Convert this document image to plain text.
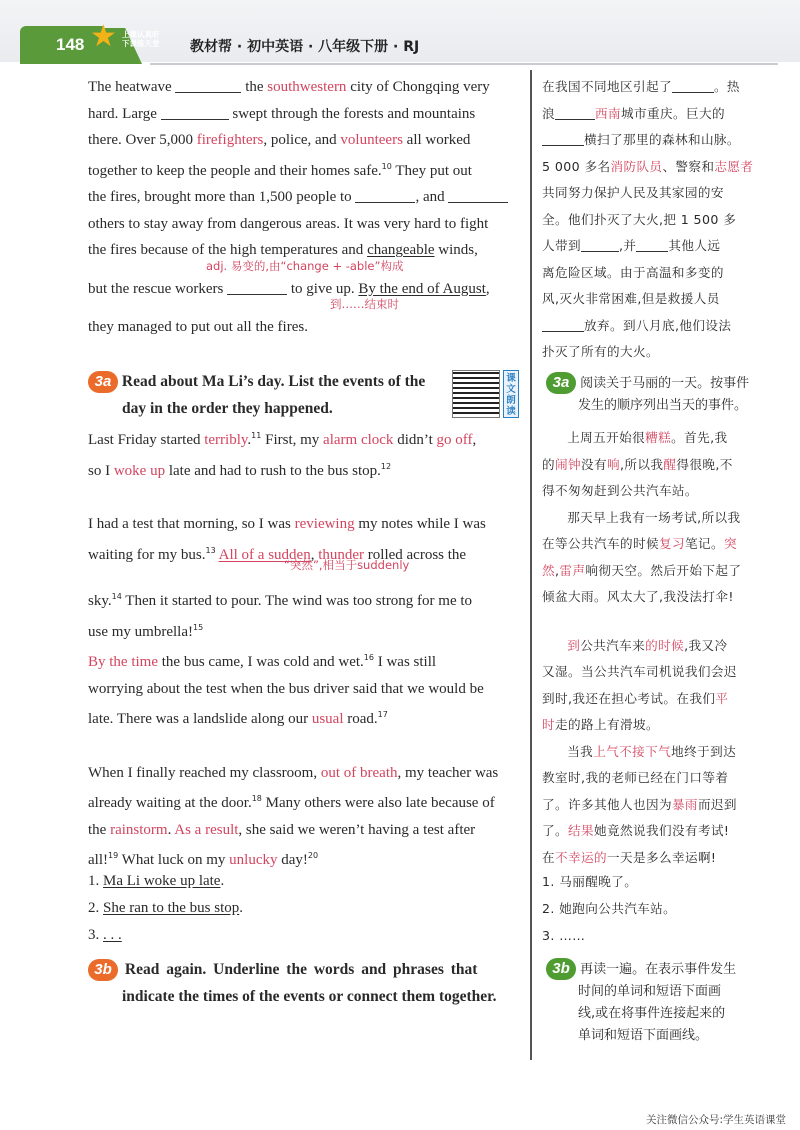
148 ★ 上课认真听
下课练天堂 教材帮 · 初中英语 · 八年级下册 · RJ

The heatwave	the southwestern city of Chongqing very

hard. Large	swept through the forests and mountains

there. Over 5,000 firefighters, police, and volunteers all worked

together to keep the people and their homes safe.$^{10}$ They put out

the fires, brought more than 1,500 people to	, and

others to stay away from dangerous areas. It was very hard to fight

the fires because of the high temperatures and changeable winds,

but the rescue workers	to give up. By the end of August,

they managed to put out all the fires.

adj. 易变的,由“change + -able”构成
到……结束时

在我国不同地区引起了	。热

浪	西南城市重庆。巨大的

横扫了那里的森林和山脉。

5 000 多名消防队员、警察和志愿者

共同努力保护人民及其家园的安

全。他们扑灭了大火,把 1 500 多

人带到	,并	其他人远

离危险区域。由于高温和多变的

风,灭火非常困难,但是救援人员

放弃。到八月底,他们设法

扑灭了所有的大火。

3a Read about Ma Li’s day. List the events of the
day in the order they happened.
课文朗读
3a 阅读关于马丽的一天。按事件
发生的顺序列出当天的事件。

Last Friday started terribly.$^{11}$ First, my alarm clock didn’t go off,

so I woke up late and had to rush to the bus stop.$^{12}$

I had a test that morning, so I was reviewing my notes while I was

waiting for my bus.$^{13}$ All of a sudden, thunder rolled across the

sky.$^{14}$ Then it started to pour. The wind was too strong for me to

use my umbrella!$^{15}$

By the time the bus came, I was cold and wet.$^{16}$ I was still

worrying about the test when the bus driver said that we would be

late. There was a landslide along our usual road.$^{17}$

When I finally reached my classroom, out of breath, my teacher was

already waiting at the door.$^{18}$ Many others were also late because of

the rainstorm. As a result, she said we weren’t having a test after

all!$^{19}$ What luck on my unlucky day!$^{20}$

“突然”,相当于suddenly

上周五开始很糟糕。首先,我

的闹钟没有响,所以我醒得很晚,不

得不匆匆赶到公共汽车站。

那天早上我有一场考试,所以我

在等公共汽车的时候复习笔记。突

然,雷声响彻天空。然后开始下起了

倾盆大雨。风太大了,我没法打伞!

到公共汽车来的时候,我又冷

又湿。当公共汽车司机说我们会迟

到时,我还在担心考试。在我们平

时走的路上有滑坡。

当我上气不接下气地终于到达

教室时,我的老师已经在门口等着

了。许多其他人也因为暴雨而迟到

了。结果她竟然说我们没有考试!

在不幸运的一天是多么幸运啊!

1. Ma Li woke up late.

2. She ran to the bus stop.

3. . . .

1. 马丽醒晚了。

2. 她跑向公共汽车站。

3. ……

3b Read again. Underline the words and phrases that
indicate the times of the events or connect them together.
3b 再读一遍。在表示事件发生
时间的单词和短语下面画
线,或在将事件连接起来的
单词和短语下面画线。
关注微信公众号:学生英语课堂
